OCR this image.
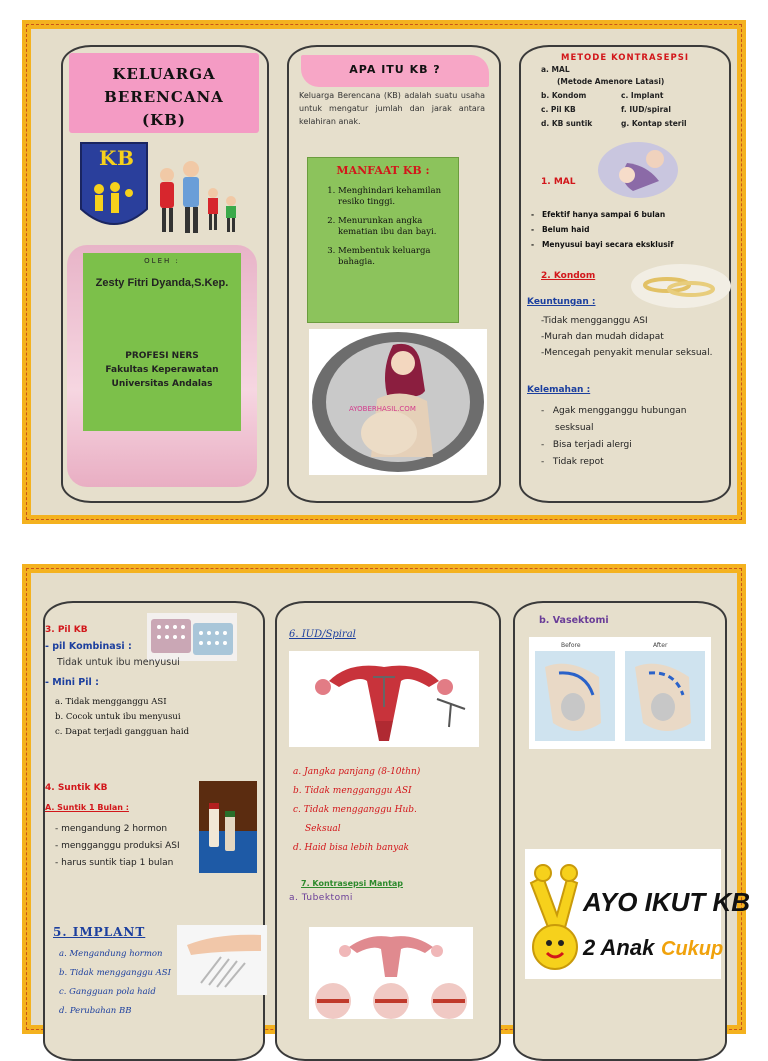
KELUARGA
BERENCANA
(KB)
K B
OLEH :
Zesty Fitri Dyanda,S.Kep.
PROFESI NERS
Fakultas Keperawatan
Universitas Andalas
APA ITU KB ?
Keluarga Berencana (KB) adalah suatu usaha untuk mengatur jumlah dan jarak antara kelahiran anak.
MANFAAT KB :
1. Menghindari kehamilan resiko tinggi.
2. Menurunkan angka kematian ibu dan bayi.
3. Membentuk keluarga bahagia.
AYOBERHASIL.COM
METODE KONTRASEPSI
a. MAL
(Metode Amenore Latasi)
b. Kondom	c. Implant
c. Pil KB	f. IUD/spiral
d. KB suntik	g. Kontap steril
1. MAL
-   Efektif hanya sampai 6 bulan
-   Belum haid
-   Menyusui bayi secara eksklusif
2. Kondom
Keuntungan :
-Tidak mengganggu ASI
-Murah dan mudah didapat
-Mencegah penyakit menular seksual.
Kelemahan :
-   Agak mengganggu hubungan sesksual
-   Bisa terjadi alergi
-   Tidak repot
3. Pil KB
- pil Kombinasi :
Tidak untuk ibu menyusui
- Mini Pil :
a. Tidak mengganggu ASI
b. Cocok untuk ibu menyusui
c. Dapat terjadi gangguan haid
4. Suntik KB
A. Suntik 1 Bulan :
- mengandung 2 hormon
- mengganggu produksi ASI
- harus suntik tiap 1 bulan
5. IMPLANT
a. Mengandung hormon
b. Tidak mengganggu ASI
c. Gangguan pola haid
d. Perubahan BB
6. IUD/Spiral
a. Jangka panjang (8-10thn)
b. Tidak mengganggu ASI
c. Tidak mengganggu Hub. Seksual
d. Haid bisa lebih banyak
7. Kontrasepsi Mantap
a. Tubektomi
b. Vasektomi
Before	After
AYO IKUT KB
2 Anak Cukup
